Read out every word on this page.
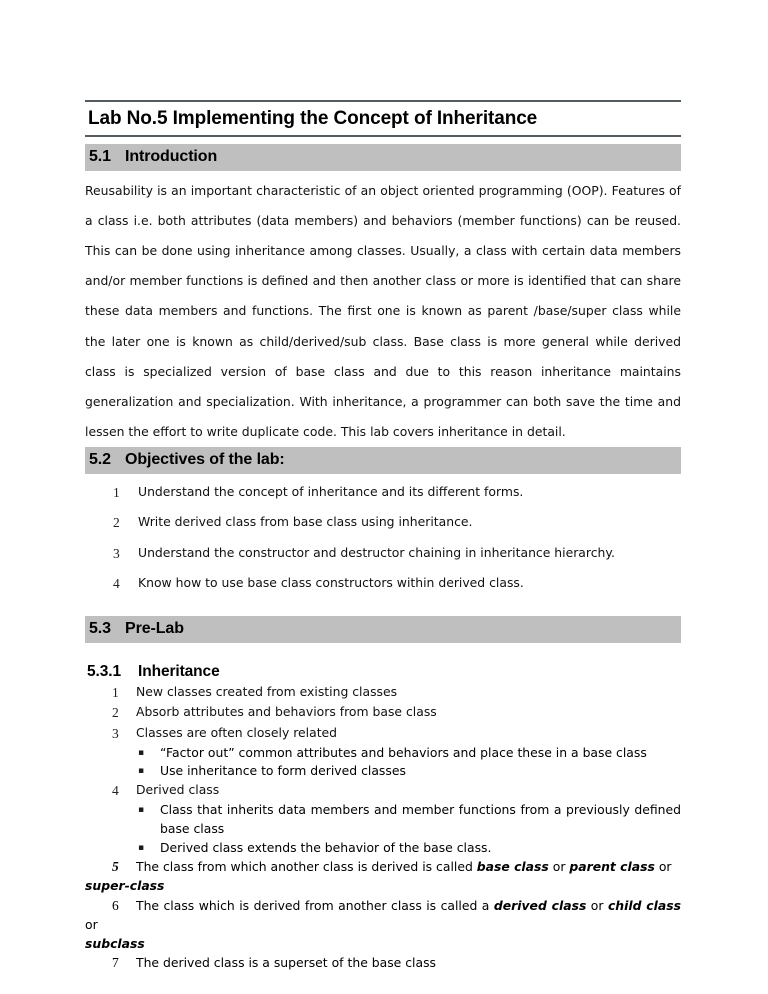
Lab No.5 Implementing the Concept of Inheritance
5.1 Introduction

Reusability is an important characteristic of an object oriented programming (OOP). Features of a class i.e. both attributes (data members) and behaviors (member functions) can be reused. This can be done using inheritance among classes. Usually, a class with certain data members and/or member functions is defined and then another class or more is identified that can share these data members and functions. The first one is known as parent /base/super class while the later one is known as child/derived/sub class. Base class is more general while derived class is specialized version of base class and due to this reason inheritance maintains generalization and specialization. With inheritance, a programmer can both save the time and lessen the effort to write duplicate code. This lab covers inheritance in detail.

5.2 Objectives of the lab:
1	Understand the concept of inheritance and its different forms.
2	Write derived class from base class using inheritance.
3	Understand the constructor and destructor chaining in inheritance hierarchy.
4	Know how to use base class constructors within derived class.
5.3 Pre-Lab
5.3.1 Inheritance
1	New classes created from existing classes
2	Absorb attributes and behaviors from base class
3	Classes are often closely related
▪	“Factor out” common attributes and behaviors and place these in a base class
▪	Use inheritance to form derived classes
4	Derived class
▪	Class that inherits data members and member functions from a previously defined base class
▪	Derived class extends the behavior of the base class.

5 The class from which another class is derived is called base class or parent class or

super-class

6 The class which is derived from another class is called a derived class or child class or

subclass

7 The derived class is a superset of the base class
